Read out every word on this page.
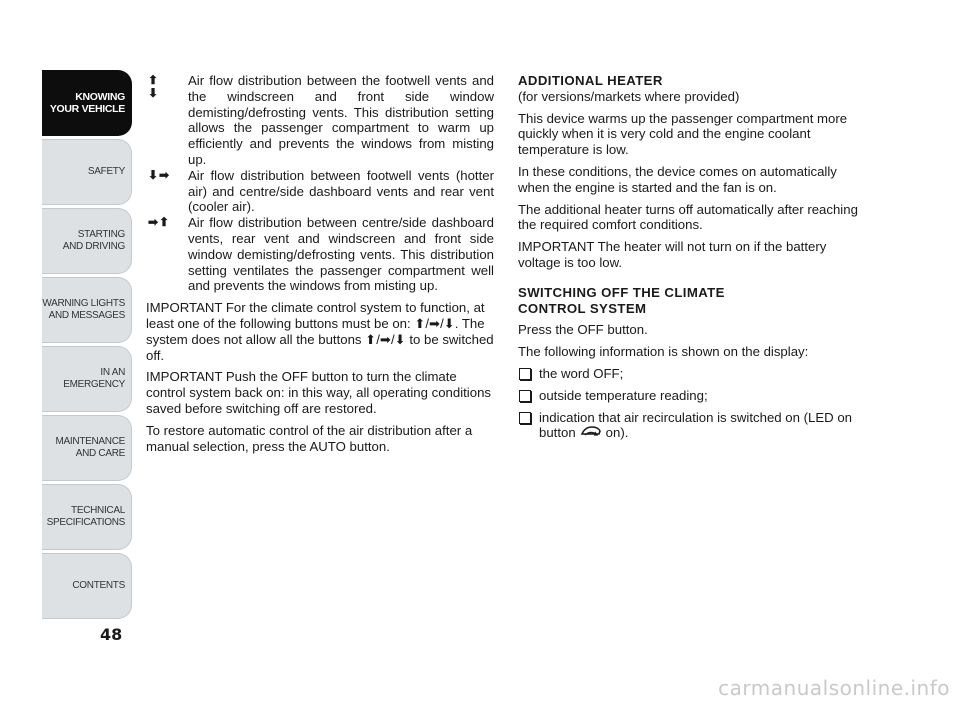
KNOWING
YOUR VEHICLE
SAFETY
STARTING
AND DRIVING
WARNING LIGHTS
AND MESSAGES
IN AN
EMERGENCY
MAINTENANCE
AND CARE
TECHNICAL
SPECIFICATIONS
CONTENTS
48
⬆
⬇
Air flow distribution between the footwell vents and the windscreen and front side window demisting/defrosting vents. This distribution setting allows the passenger compartment to warm up efficiently and prevents the windows from misting up.
⬇➡	Air flow distribution between footwell vents (hotter air) and centre/side dashboard vents and rear vent (cooler air).
➡⬆	Air flow distribution between centre/side dashboard vents, rear vent and windscreen and front side window demisting/defrosting vents. This distribution setting ventilates the passenger compartment well and prevents the windows from misting up.

IMPORTANT For the climate control system to function, at least one of the following buttons must be on: ⬆/➡/⬇. The system does not allow all the buttons ⬆/➡/⬇ to be switched off.

IMPORTANT Push the OFF button to turn the climate control system back on: in this way, all operating conditions saved before switching off are restored.

To restore automatic control of the air distribution after a manual selection, press the AUTO button.

ADDITIONAL HEATER

(for versions/markets where provided)

This device warms up the passenger compartment more quickly when it is very cold and the engine coolant temperature is low.

In these conditions, the device comes on automatically when the engine is started and the fan is on.

The additional heater turns off automatically after reaching the required comfort conditions.

IMPORTANT The heater will not turn on if the battery voltage is too low.

SWITCHING OFF THE CLIMATE
CONTROL SYSTEM

Press the OFF button.

The following information is shown on the display:

the word OFF;
outside temperature reading;
indication that air recirculation is switched on (LED on button on).
carmanualsonline.info
